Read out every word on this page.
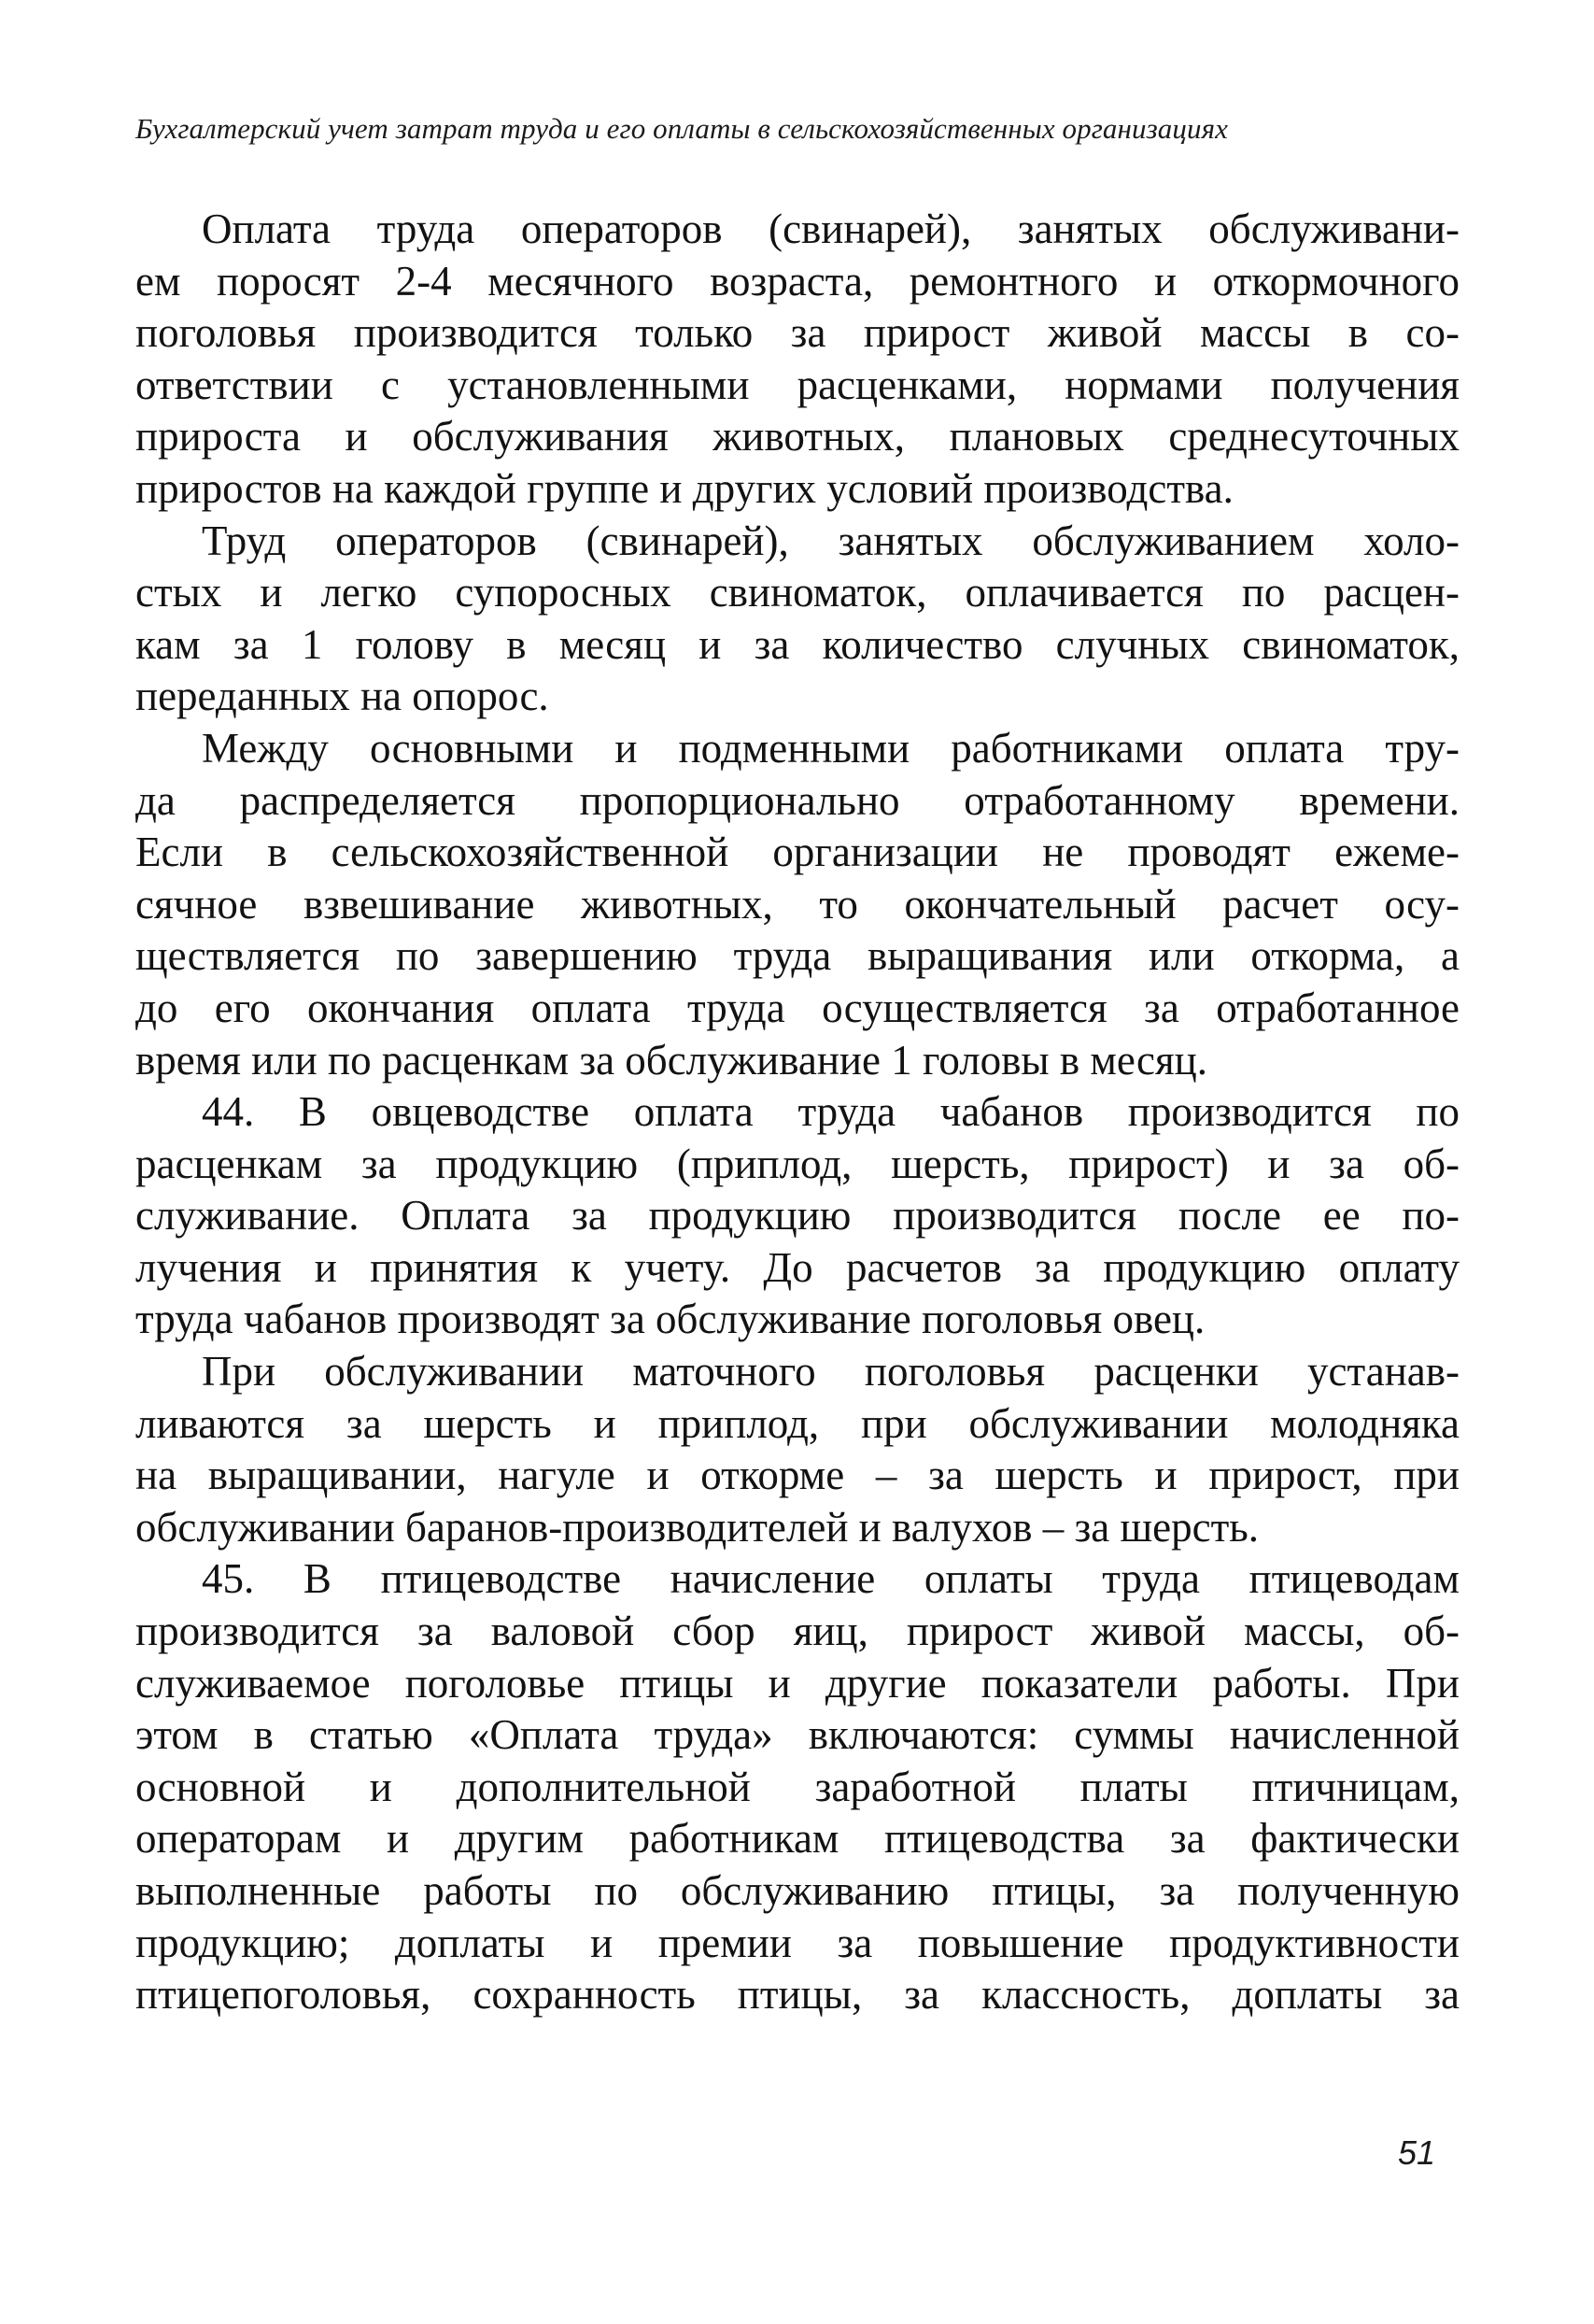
Бухгалтерский учет затрат труда и его оплаты в сельскохозяйственных организациях
Оплата труда операторов (свинарей), занятых обслуживани-
ем поросят 2-4 месячного возраста, ремонтного и откормочного
поголовья производится только за прирост живой массы в со-
ответствии с установленными расценками, нормами получения
прироста и обслуживания животных, плановых среднесуточных
приростов на каждой группе и других условий производства.
Труд операторов (свинарей), занятых обслуживанием холо-
стых и легко супоросных свиноматок, оплачивается по расцен-
кам за 1 голову в месяц и за количество случных свиноматок,
переданных на опорос.
Между основными и подменными работниками оплата тру-
да распределяется пропорционально отработанному времени.
Если в сельскохозяйственной организации не проводят ежеме-
сячное взвешивание животных, то окончательный расчет осу-
ществляется по завершению труда выращивания или откорма, а
до его окончания оплата труда осуществляется за отработанное
время или по расценкам за обслуживание 1 головы в месяц.
44. В овцеводстве оплата труда чабанов производится по
расценкам за продукцию (приплод, шерсть, прирост) и за об-
служивание. Оплата за продукцию производится после ее по-
лучения и принятия к учету. До расчетов за продукцию оплату
труда чабанов производят за обслуживание поголовья овец.
При обслуживании маточного поголовья расценки устанав-
ливаются за шерсть и приплод, при обслуживании молодняка
на выращивании, нагуле и откорме – за шерсть и прирост, при
обслуживании баранов-производителей и валухов – за шерсть.
45. В птицеводстве начисление оплаты труда птицеводам
производится за валовой сбор яиц, прирост живой массы, об-
служиваемое поголовье птицы и другие показатели работы. При
этом в статью «Оплата труда» включаются: суммы начисленной
основной и дополнительной заработной платы птичницам,
операторам и другим работникам птицеводства за фактически
выполненные работы по обслуживанию птицы, за полученную
продукцию; доплаты и премии за повышение продуктивности
птицепоголовья, сохранность птицы, за классность, доплаты за
51
